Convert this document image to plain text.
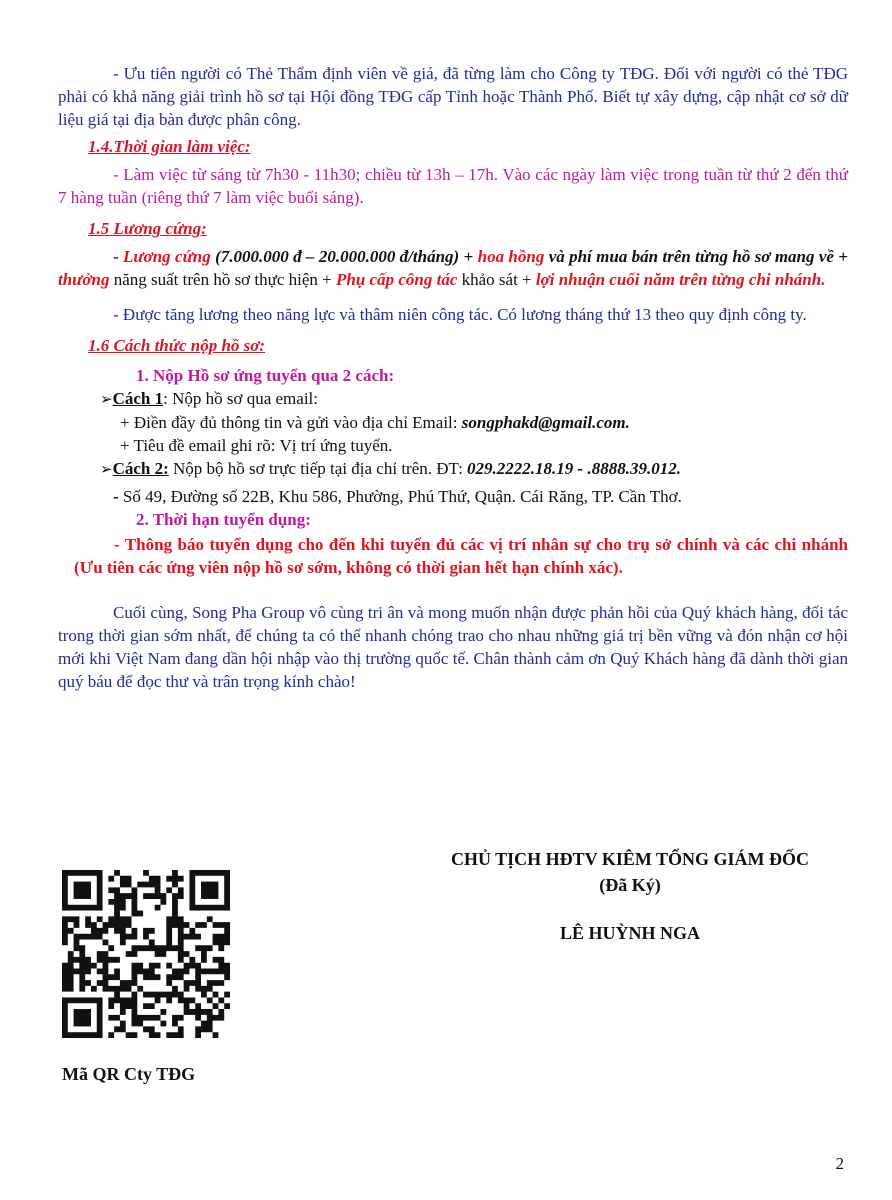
- Ưu tiên người có Thẻ Thẩm định viên về giá, đã từng làm cho Công ty TĐG. Đối với người có thẻ TĐG phải có khả năng giải trình hồ sơ tại Hội đồng TĐG cấp Tỉnh hoặc Thành Phố. Biết tự xây dựng, cập nhật cơ sở dữ liệu giá tại địa bàn được phân công.

1.4.Thời gian làm việc:

- Làm việc từ sáng từ 7h30 - 11h30; chiều từ 13h – 17h. Vào các ngày làm việc trong tuần từ thứ 2 đến thứ 7 hàng tuần (riêng thứ 7 làm việc buổi sáng).

1.5 Lương cứng:

- Lương cứng (7.000.000 đ – 20.000.000 đ/tháng) + hoa hồng và phí mua bán trên từng hồ sơ mang về + thưởng năng suất trên hồ sơ thực hiện + Phụ cấp công tác khảo sát + lợi nhuận cuối năm trên từng chi nhánh.

- Được tăng lương theo năng lực và thâm niên công tác. Có lương tháng thứ 13 theo quy định công ty.

1.6 Cách thức nộp hồ sơ:
1. Nộp Hồ sơ ứng tuyển qua 2 cách:
➢Cách 1: Nộp hồ sơ qua email:
+ Điền đầy đủ thông tin và gửi vào địa chỉ Email: songphakd@gmail.com.
+ Tiêu đề email ghi rõ: Vị trí ứng tuyển.
➢Cách 2: Nộp bộ hồ sơ trực tiếp tại địa chỉ trên. ĐT: 029.2222.18.19 - .8888.39.012.
- Số 49, Đường số 22B, Khu 586, Phường, Phú Thứ, Quận. Cái Răng, TP. Cần Thơ.
2. Thời hạn tuyển dụng:

- Thông báo tuyển dụng cho đến khi tuyển đủ các vị trí nhân sự cho trụ sở chính và các chi nhánh (Ưu tiên các ứng viên nộp hồ sơ sớm, không có thời gian hết hạn chính xác).

Cuối cùng, Song Pha Group vô cùng tri ân và mong muốn nhận được phản hồi của Quý khách hàng, đối tác trong thời gian sớm nhất, để chúng ta có thể nhanh chóng trao cho nhau những giá trị bền vững và đón nhận cơ hội mới khi Việt Nam đang dần hội nhập vào thị trường quốc tế. Chân thành cảm ơn Quý Khách hàng đã dành thời gian quý báu để đọc thư và trân trọng kính chào!

CHỦ TỊCH HĐTV KIÊM TỔNG GIÁM ĐỐC
(Đã Ký)
LÊ HUỲNH NGA
Mã QR Cty TĐG
2
